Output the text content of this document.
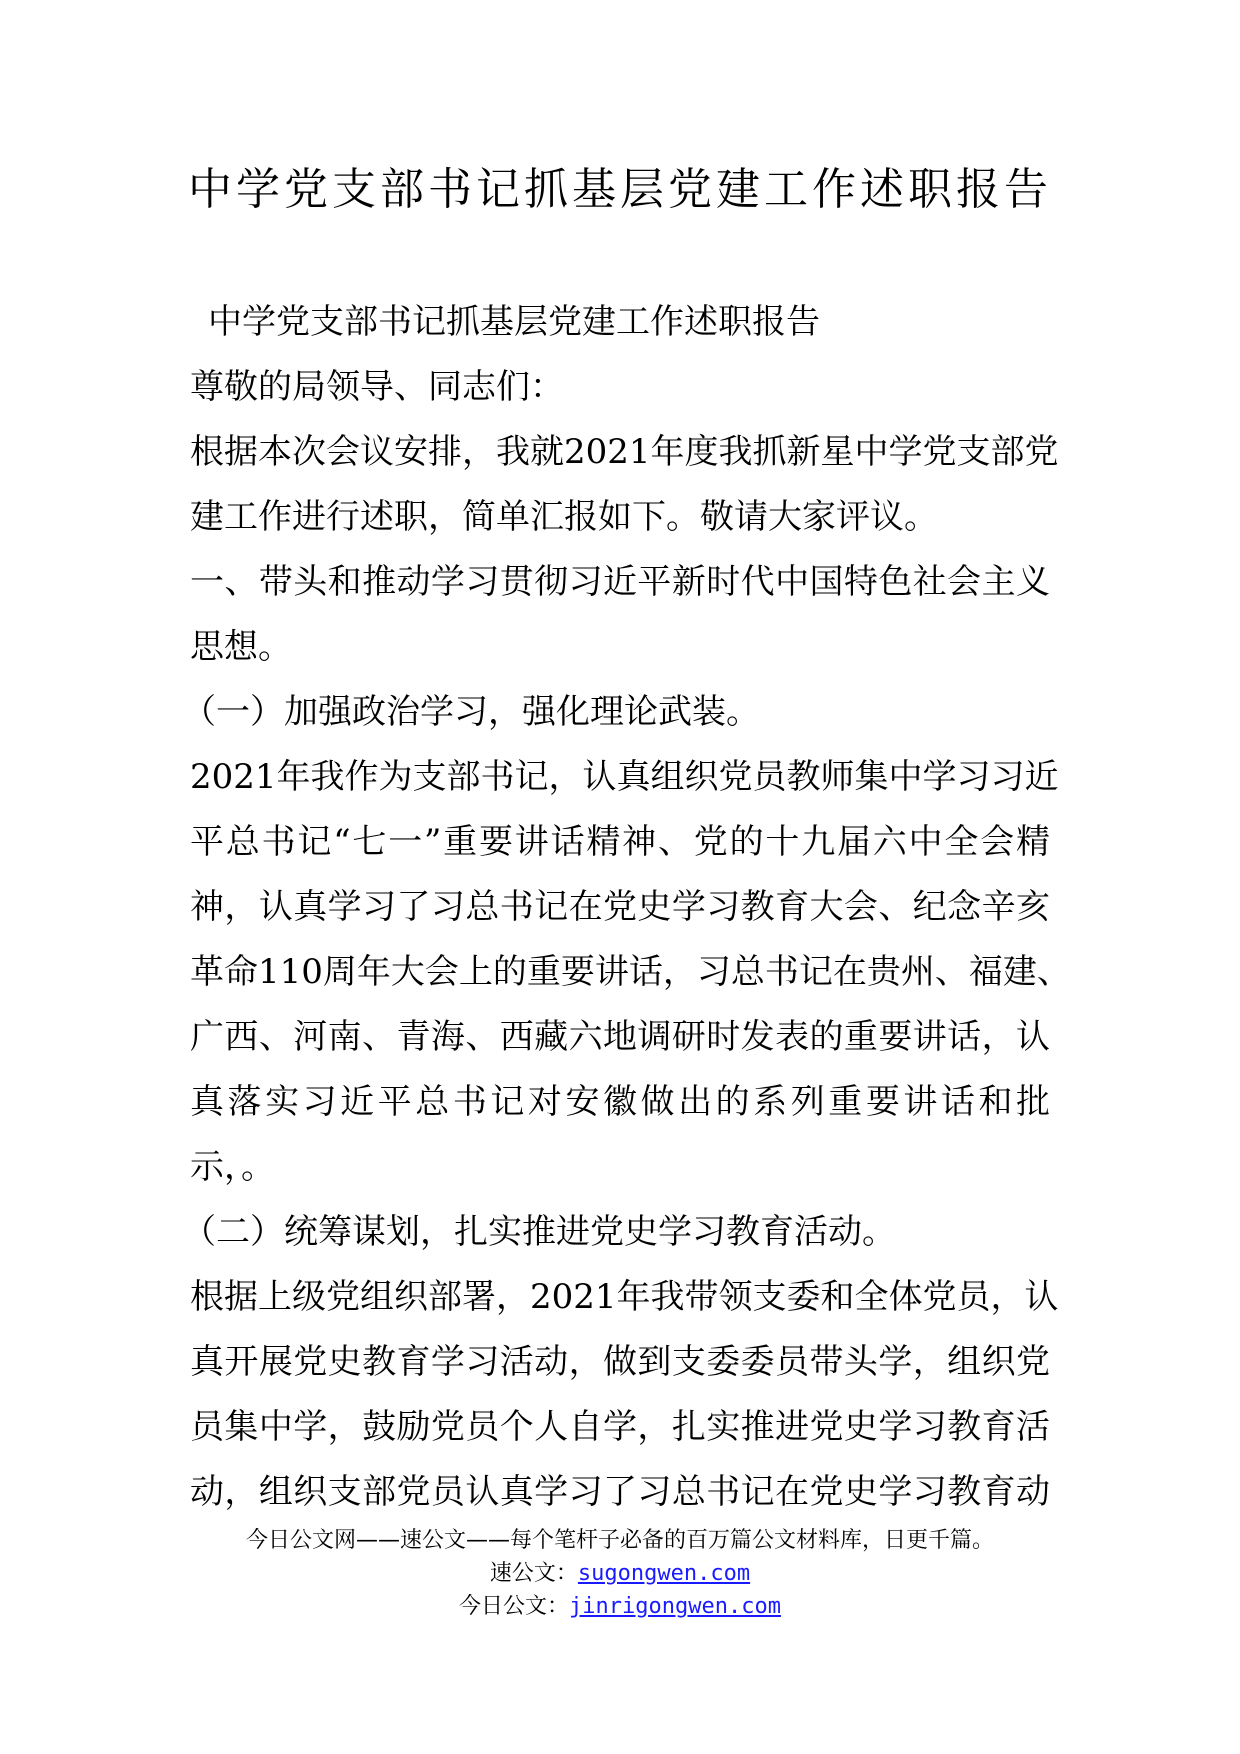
中学党支部书记抓基层党建工作述职报告
中学党支部书记抓基层党建工作述职报告
尊敬的局领导、同志们：
根据本次会议安排，我就2021年度我抓新星中学党支部党
建工作进行述职，简单汇报如下。敬请大家评议。
一、带头和推动学习贯彻习近平新时代中国特色社会主义
思想。
（一）加强政治学习，强化理论武装。
2021年我作为支部书记，认真组织党员教师集中学习习近
平总书记“七一”重要讲话精神、党的十九届六中全会精
神，认真学习了习总书记在党史学习教育大会、纪念辛亥
革命110周年大会上的重要讲话，习总书记在贵州、福建、
广西、河南、青海、西藏六地调研时发表的重要讲话，认
真落实习近平总书记对安徽做出的系列重要讲话和批
示，。
（二）统筹谋划，扎实推进党史学习教育活动。
根据上级党组织部署，2021年我带领支委和全体党员，认
真开展党史教育学习活动，做到支委委员带头学，组织党
员集中学，鼓励党员个人自学，扎实推进党史学习教育活
动，组织支部党员认真学习了习总书记在党史学习教育动
今日公文网——速公文——每个笔杆子必备的百万篇公文材料库，日更千篇。
速公文：sugongwen.com
今日公文：jinrigongwen.com
